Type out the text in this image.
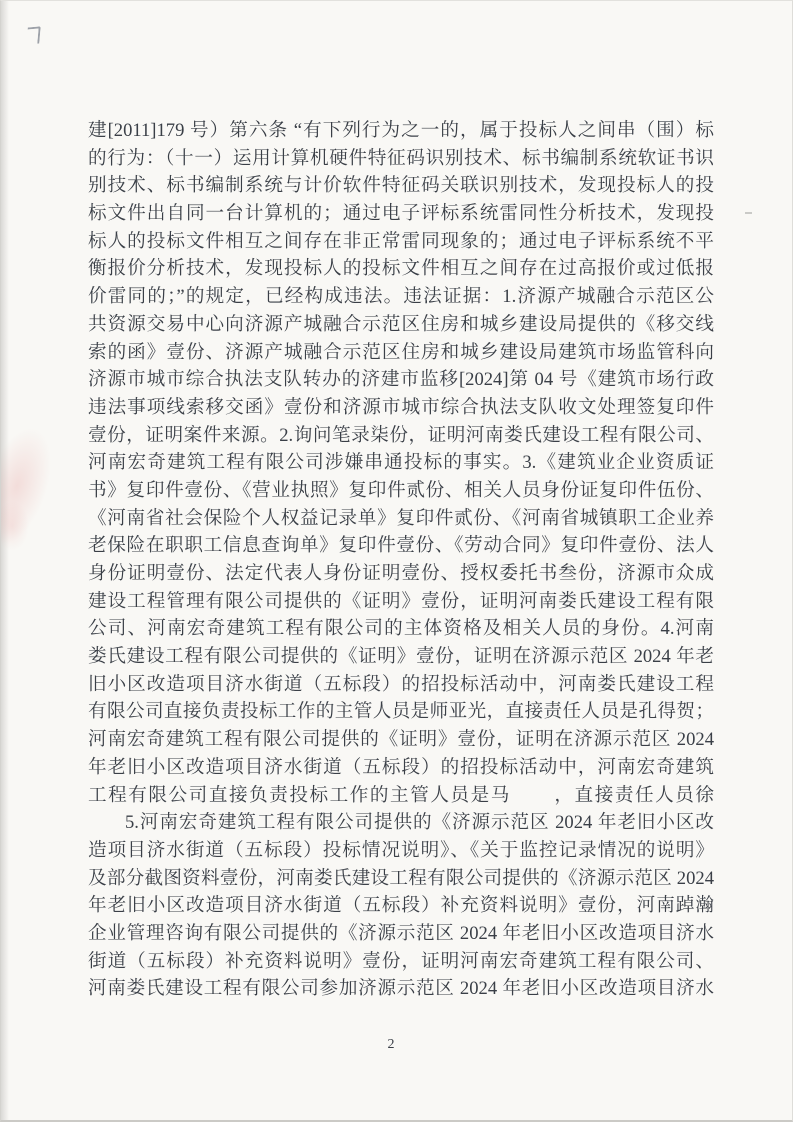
建[2011]179 号）第六条 “有下列行为之一的，属于投标人之间串（围）标
的行为：（十一）运用计算机硬件特征码识别技术、标书编制系统软证书识
别技术、标书编制系统与计价软件特征码关联识别技术，发现投标人的投
标文件出自同一台计算机的；通过电子评标系统雷同性分析技术，发现投
标人的投标文件相互之间存在非正常雷同现象的；通过电子评标系统不平
衡报价分析技术，发现投标人的投标文件相互之间存在过高报价或过低报
价雷同的；”的规定，已经构成违法。违法证据：1.济源产城融合示范区公
共资源交易中心向济源产城融合示范区住房和城乡建设局提供的《移交线
索的函》壹份、济源产城融合示范区住房和城乡建设局建筑市场监管科向
济源市城市综合执法支队转办的济建市监移[2024]第 04 号《建筑市场行政
违法事项线索移交函》壹份和济源市城市综合执法支队收文处理签复印件
壹份，证明案件来源。2.询问笔录柒份，证明河南娄氏建设工程有限公司、
河南宏奇建筑工程有限公司涉嫌串通投标的事实。3.《建筑业企业资质证
书》复印件壹份、《营业执照》复印件贰份、相关人员身份证复印件伍份、
《河南省社会保险个人权益记录单》复印件贰份、《河南省城镇职工企业养
老保险在职职工信息查询单》复印件壹份、《劳动合同》复印件壹份、法人
身份证明壹份、法定代表人身份证明壹份、授权委托书叁份，济源市众成
建设工程管理有限公司提供的《证明》壹份，证明河南娄氏建设工程有限
公司、河南宏奇建筑工程有限公司的主体资格及相关人员的身份。4.河南
娄氏建设工程有限公司提供的《证明》壹份，证明在济源示范区 2024 年老
旧小区改造项目济水街道（五标段）的招投标活动中，河南娄氏建设工程
有限公司直接负责投标工作的主管人员是师亚光，直接责任人员是孔得贺；
河南宏奇建筑工程有限公司提供的《证明》壹份，证明在济源示范区 2024
年老旧小区改造项目济水街道（五标段）的招投标活动中，河南宏奇建筑
工程有限公司直接负责投标工作的主管人员是马 ，直接责任人员徐
5.河南宏奇建筑工程有限公司提供的《济源示范区 2024 年老旧小区改
造项目济水街道（五标段）投标情况说明》、《关于监控记录情况的说明》
及部分截图资料壹份，河南娄氏建设工程有限公司提供的《济源示范区 2024
年老旧小区改造项目济水街道（五标段）补充资料说明》壹份，河南踔瀚
企业管理咨询有限公司提供的《济源示范区 2024 年老旧小区改造项目济水
街道（五标段）补充资料说明》壹份，证明河南宏奇建筑工程有限公司、
河南娄氏建设工程有限公司参加济源示范区 2024 年老旧小区改造项目济水
2
